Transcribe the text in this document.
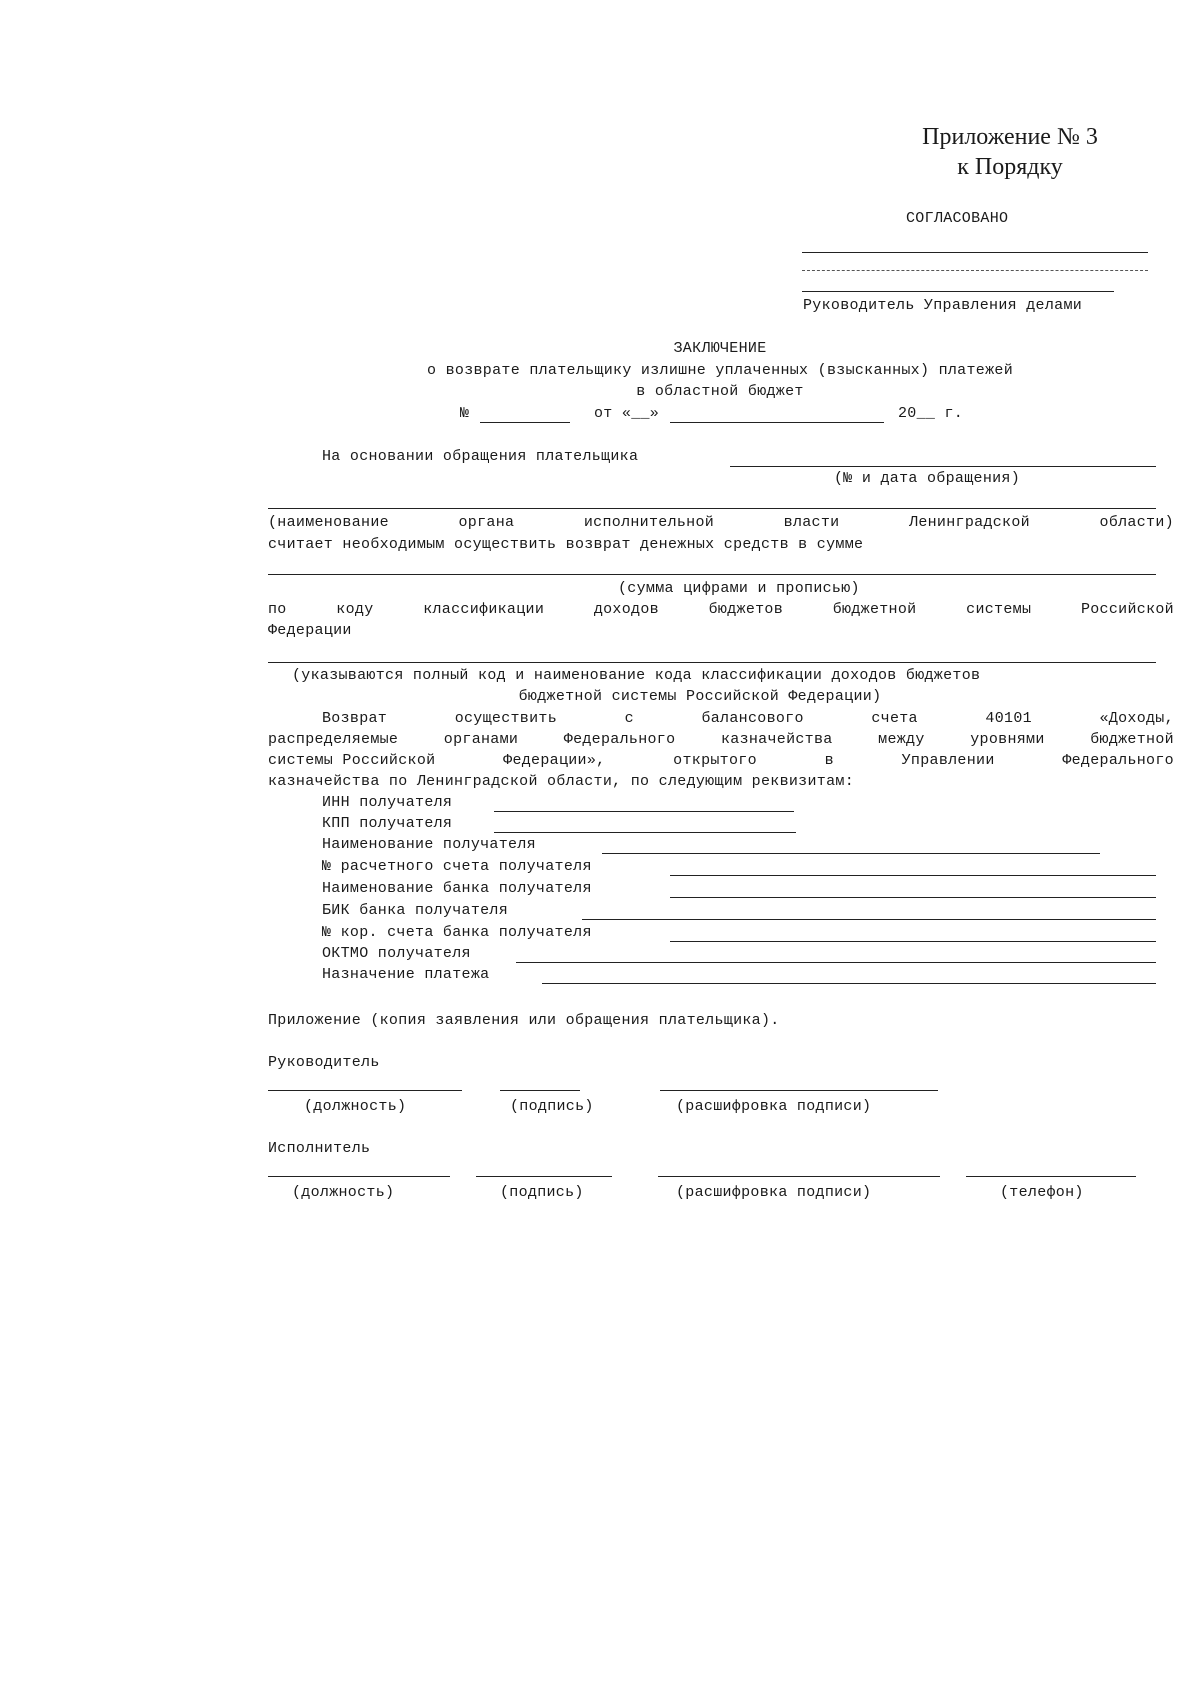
Приложение № 3
к Порядку
СОГЛАСОВАНО
Руководитель Управления делами
ЗАКЛЮЧЕНИЕ
о возврате плательщику излишне уплаченных (взысканных) платежей
в областной бюджет
№	от «__»	20__ г.
На основании обращения плательщика
(№ и дата обращения)
(наименование	органа	исполнительной	власти	Ленинградской	области)
считает необходимым осуществить возврат денежных средств в сумме
(сумма цифрами и прописью)
по	коду	классификации	доходов	бюджетов	бюджетной	системы	Российской
Федерации
(указываются полный код и наименование кода классификации доходов бюджетов
бюджетной системы Российской Федерации)
Возврат	осуществить	с	балансового	счета	40101	«Доходы,
распределяемые	органами	Федерального	казначейства	между	уровнями	бюджетной
системы Российской	Федерации»,	открытого	в	Управлении	Федерального
казначейства по Ленинградской области, по следующим реквизитам:
ИНН получателя
КПП получателя
Наименование получателя
№ расчетного счета получателя
Наименование банка получателя
БИК банка получателя
№ кор. счета банка получателя
ОКТМО получателя
Назначение платежа
Приложение (копия заявления или обращения плательщика).
Руководитель
(должность)	(подпись)	(расшифровка подписи)
Исполнитель
(должность)	(подпись)	(расшифровка подписи)	(телефон)
